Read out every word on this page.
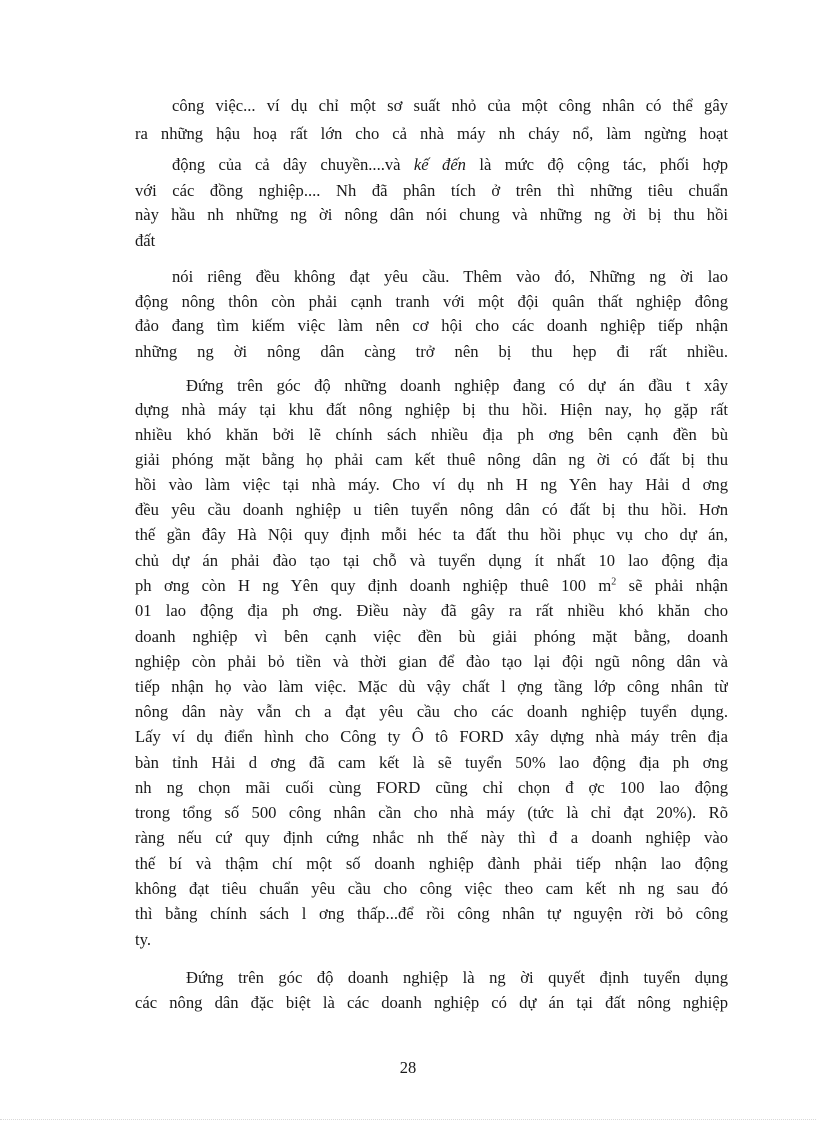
công việc... ví dụ chỉ một sơ suất nhỏ của một công nhân có thể gây
ra những hậu hoạ rất lớn cho cả nhà máy nh cháy nổ, làm ngừng hoạt
động của cả dây chuyền....và kế đến là mức độ cộng tác, phối hợp
với các đồng nghiệp.... Nh đã phân tích ở trên thì những tiêu chuẩn
này hầu nh những ng ời nông dân nói chung và những ng ời bị thu hồi
đất
nói riêng đều không đạt yêu cầu. Thêm vào đó, Những ng ời lao
động nông thôn còn phải cạnh tranh với một đội quân thất nghiệp đông
đảo đang tìm kiếm việc làm nên cơ hội cho các doanh nghiệp tiếp nhận
những ng ời nông dân càng trở nên bị thu hẹp đi rất nhiều.
Đứng trên góc độ những doanh nghiệp đang có dự án đầu t xây
dựng nhà máy tại khu đất nông nghiệp bị thu hồi. Hiện nay, họ gặp rất
nhiều khó khăn bởi lẽ chính sách nhiều địa ph ơng bên cạnh đền bù
giải phóng mặt bằng họ phải cam kết thuê nông dân ng ời có đất bị thu
hồi vào làm việc tại nhà máy. Cho ví dụ nh H ng Yên hay Hải d ơng
đều yêu cầu doanh nghiệp u tiên tuyển nông dân có đất bị thu hồi. Hơn
thế gần đây Hà Nội quy định mỗi héc ta đất thu hồi phục vụ cho dự án,
chủ dự án phải đào tạo tại chỗ và tuyển dụng ít nhất 10 lao động địa
ph ơng còn H ng Yên quy định doanh nghiệp thuê 100 $m^2$ sẽ phải nhận
01 lao động địa ph ơng. Điều này đã gây ra rất nhiều khó khăn cho
doanh nghiệp vì bên cạnh việc đền bù giải phóng mặt bằng, doanh
nghiệp còn phải bỏ tiền và thời gian để đào tạo lại đội ngũ nông dân và
tiếp nhận họ vào làm việc. Mặc dù vậy chất l ợng tầng lớp công nhân từ
nông dân này vẫn ch a đạt yêu cầu cho các doanh nghiệp tuyển dụng.
Lấy ví dụ điển hình cho Công ty Ô tô FORD xây dựng nhà máy trên địa
bàn tỉnh Hải d ơng đã cam kết là sẽ tuyển 50% lao động địa ph ơng
nh ng chọn mãi cuối cùng FORD cũng chỉ chọn đ ợc 100 lao động
trong tổng số 500 công nhân cần cho nhà máy (tức là chỉ đạt 20%). Rõ
ràng nếu cứ quy định cứng nhắc nh thế này thì đ a doanh nghiệp vào
thế bí và thậm chí một số doanh nghiệp đành phải tiếp nhận lao động
không đạt tiêu chuẩn yêu cầu cho công việc theo cam kết nh ng sau đó
thì bằng chính sách l ơng thấp...để rồi công nhân tự nguyện rời bỏ công
ty.
Đứng trên góc độ doanh nghiệp là ng ời quyết định tuyển dụng
các nông dân đặc biệt là các doanh nghiệp có dự án tại đất nông nghiệp
28
